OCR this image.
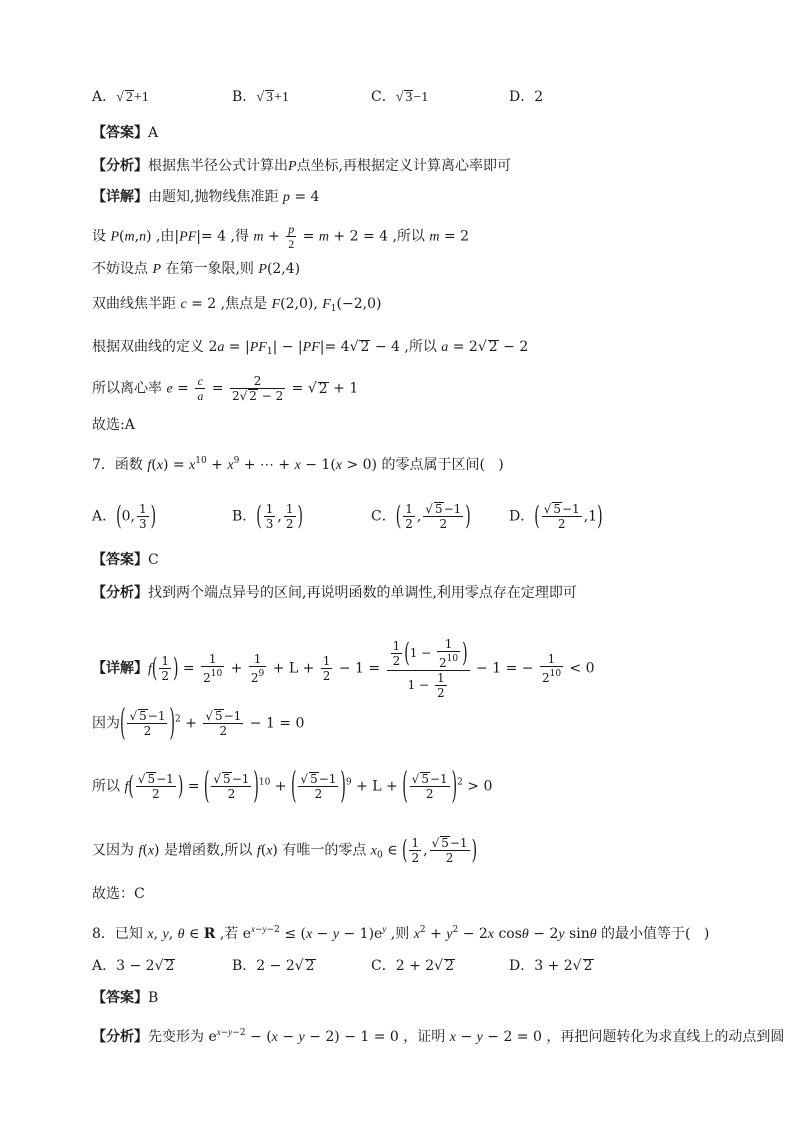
A．√ 2+1	B．√ 3+1	C．√ 3−1	D．2
【答案】A
【分析】根据焦半径公式计算出P点坐标,再根据定义计算离心率即可
【详解】由题知,抛物线焦准距 p = 4
设 P(m,n) ,由|PF|= 4 ,得 $m + \frac{p}{2} = m + 2 = 4$ ,所以 m = 2
不妨设点 P 在第一象限,则 P(2,4)
双曲线焦半距 c = 2 ,焦点是 F(2,0), $F_1(-2,0)$
根据双曲线的定义 $2a = |PF_1| - |PF|= 4√$ 2 − 4 ,所以 a = 2√ 2 − 2
所以离心率 $e = \frac{c}{a} = \frac{2}{2√ 2 - 2}$ = √ 2 + 1
故选:A
7．函数 $f(x) = x^{10} + x^9$ + ⋯ + x − 1(x > 0) 的零点属于区间(   )
A．(0, $\frac{1}{3}$ )	B．( $\frac{1}{3}$ , $\frac{1}{2}$ )	C．( $\frac{1}{2}$ , $\frac{√ 5-1}{2}$ )	D．( $\frac{√ 5-1}{2} ,1$)
【答案】C
【分析】找到两个端点异号的区间,再说明函数的单调性,利用零点存在定理即可
【详解】$f( \frac{1}{2}$ ) = $\frac{1}{2^{10}} + \frac{1}{2^9} + L + \frac{1}{2} - 1 = \frac{\frac{1}{2} (1 - \frac{1}{2^{10}} )}{1 - \frac{1}{2}} - 1$ = − $\frac{1}{2^{10}} < 0$
因为( $\frac{√ 5-1}{2} )^2 + \frac{√ 5-1}{2} - 1 = 0$
所以 $f( \frac{√ 5-1}{2}$ ) = ( $\frac{√ 5-1}{2} )^{10}$ + ( $\frac{√ 5-1}{2} )^9 + L$ + ( $\frac{√ 5-1}{2} )^2 > 0$
又因为 f(x) 是增函数,所以 f(x) 有唯一的零点 $x_0$ ∈ ( $\frac{1}{2}$ , $\frac{√ 5-1}{2}$ )
故选：C
8．已知 x, y, θ ∈ R ,若 $e^{x-y-2} \le (x - y - 1)e^y$ ,则 $x^2 + y^2 - 2x$ cosθ − 2y sinθ 的最小值等于(   )
A．3 − 2√ 2	B．2 − 2√ 2	C．2 + 2√ 2	D．3 + 2√ 2
【答案】B
【分析】先变形为 $e^{x-y-2} - (x - y - 2) - 1 = 0$ ，证明 x − y − 2 = 0 ，再把问题转化为求直线上的动点到圆
